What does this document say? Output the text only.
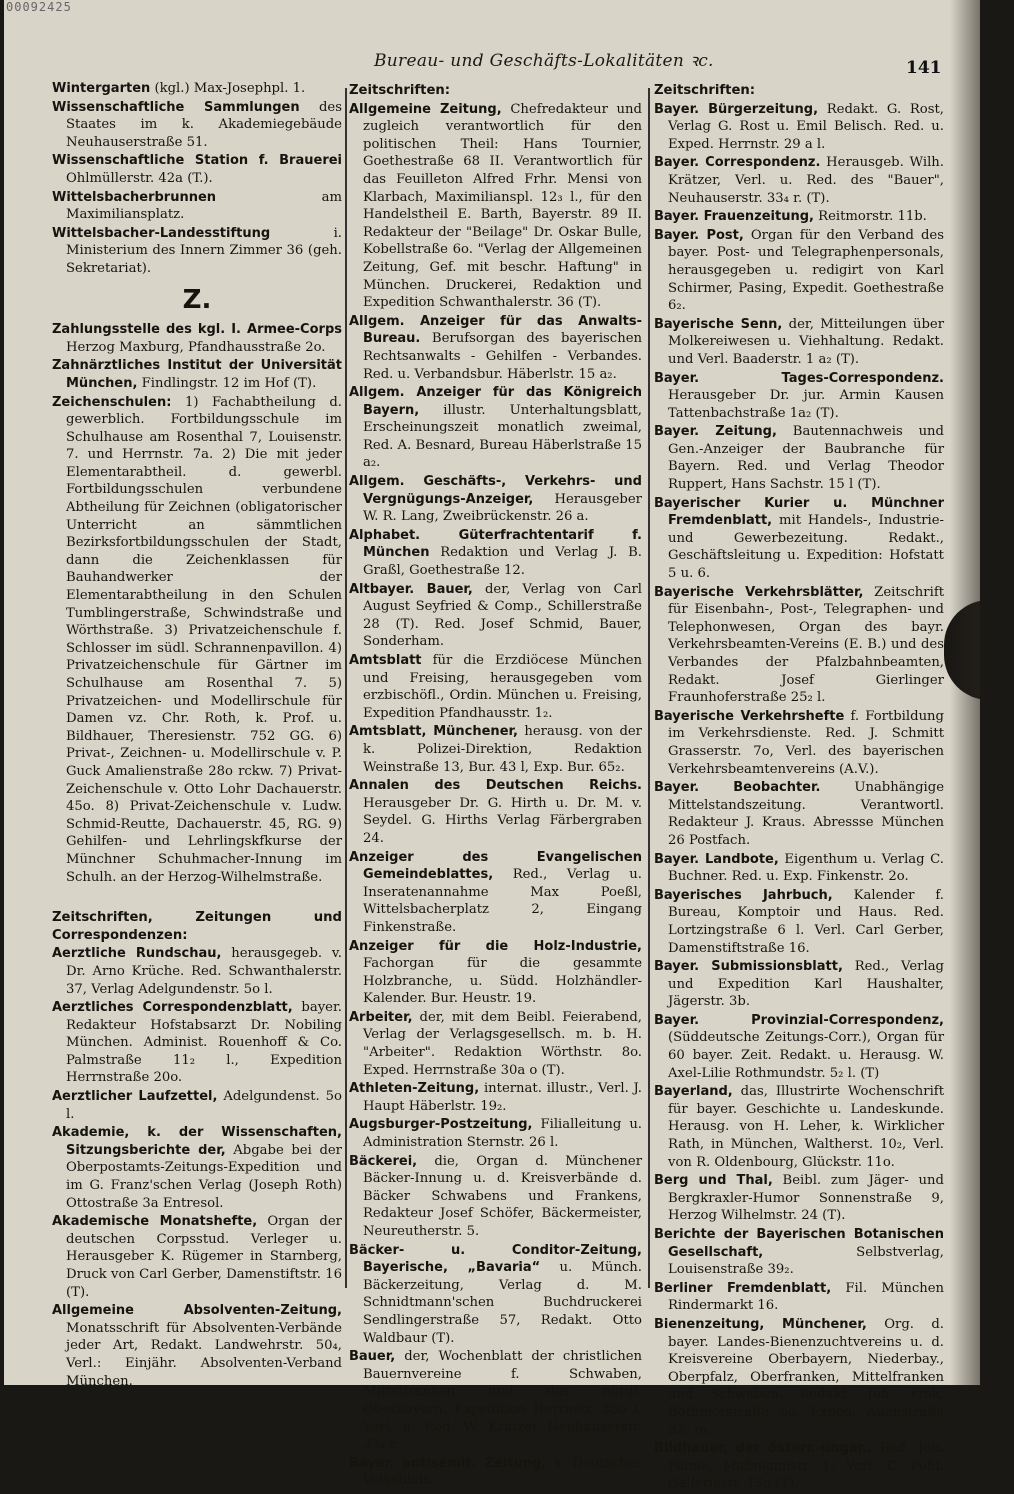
00092425
Bureau- und Geschäfts-Lokalitäten ꝛc.	141
Wintergarten (kgl.) Max-Josephpl. 1.
Wissenschaftliche Sammlungen des Staates im k. Akademiegebäude Neuhauserstraße 51.
Wissenschaftliche Station f. Brauerei Ohlmüllerstr. 42a (T.).
Wittelsbacherbrunnen am Maximiliansplatz.
Wittelsbacher-Landesstiftung i. Ministerium des Innern Zimmer 36 (geh. Sekretariat).
Z.
Zahlungsstelle des kgl. I. Armee-Corps Herzog Maxburg, Pfandhausstraße 2o.
Zahnärztliches Institut der Universität München, Findlingstr. 12 im Hof (T).
Zeichenschulen: 1) Fachabtheilung d. gewerblich. Fortbildungsschule im Schulhause am Rosenthal 7, Louisenstr. 7. und Herrnstr. 7a. 2) Die mit jeder Elementarabtheil. d. gewerbl. Fortbildungsschulen verbundene Abtheilung für Zeichnen (obligatorischer Unterricht an sämmtlichen Bezirksfortbildungsschulen der Stadt, dann die Zeichenklassen für Bauhandwerker der Elementarabtheilung in den Schulen Tumblingerstraße, Schwindstraße und Wörthstraße. 3) Privatzeichenschule f. Schlosser im südl. Schrannenpavillon. 4) Privatzeichenschule für Gärtner im Schulhause am Rosenthal 7. 5) Privatzeichen- und Modellirschule für Damen vz. Chr. Roth, k. Prof. u. Bildhauer, Theresienstr. 752 GG. 6) Privat-, Zeichnen- u. Modellirschule v. P. Guck Amalienstraße 28o rckw. 7) Privat-Zeichenschule v. Otto Lohr Dachauerstr. 45o. 8) Privat-Zeichenschule v. Ludw. Schmid-Reutte, Dachauerstr. 45, RG. 9) Gehilfen- und Lehrlingskfkurse der Münchner Schuhmacher-Innung im Schulh. an der Herzog-Wilhelmstraße.
Zeitschriften, Zeitungen und Correspondenzen:
Aerztliche Rundschau, herausgegeb. v. Dr. Arno Krüche. Red. Schwanthalerstr. 37, Verlag Adelgundenstr. 5o l.
Aerztliches Correspondenzblatt, bayer. Redakteur Hofstabsarzt Dr. Nobiling München. Administ. Rouenhoff & Co. Palmstraße 11₂ l., Expedition Herrnstraße 20o.
Aerztlicher Laufzettel, Adelgundenst. 5o l.
Akademie, k. der Wissenschaften, Sitzungsberichte der, Abgabe bei der Oberpostamts-Zeitungs-Expedition und im G. Franz'schen Verlag (Joseph Roth) Ottostraße 3a Entresol.
Akademische Monatshefte, Organ der deutschen Corpsstud. Verleger u. Herausgeber K. Rügemer in Starnberg, Druck von Carl Gerber, Damenstiftstr. 16 (T).
Allgemeine Absolventen-Zeitung, Monatsschrift für Absolventen-Verbände jeder Art, Redakt. Landwehrstr. 50₄, Verl.: Einjähr. Absolventen-Verband München.
Zeitschriften:
Allgemeine Zeitung, Chefredakteur und zugleich verantwortlich für den politischen Theil: Hans Tournier, Goethestraße 68 II. Verantwortlich für das Feuilleton Alfred Frhr. Mensi von Klarbach, Maximilianspl. 12₃ l., für den Handelstheil E. Barth, Bayerstr. 89 II. Redakteur der "Beilage" Dr. Oskar Bulle, Kobellstraße 6o. "Verlag der Allgemeinen Zeitung, Gef. mit beschr. Haftung" in München. Druckerei, Redaktion und Expedition Schwanthalerstr. 36 (T).
Allgem. Anzeiger für das Anwalts-Bureau. Berufsorgan des bayerischen Rechtsanwalts - Gehilfen - Verbandes. Red. u. Verbandsbur. Häberlstr. 15 a₂.
Allgem. Anzeiger für das Königreich Bayern, illustr. Unterhaltungsblatt, Erscheinungszeit monatlich zweimal, Red. A. Besnard, Bureau Häberlstraße 15 a₂.
Allgem. Geschäfts-, Verkehrs- und Vergnügungs-Anzeiger, Herausgeber W. R. Lang, Zweibrückenstr. 26 a.
Alphabet. Güterfrachtentarif f. München Redaktion und Verlag J. B. Graßl, Goethestraße 12.
Altbayer. Bauer, der, Verlag von Carl August Seyfried & Comp., Schillerstraße 28 (T). Red. Josef Schmid, Bauer, Sonderham.
Amtsblatt für die Erzdiöcese München und Freising, herausgegeben vom erzbischöfl., Ordin. München u. Freising, Expedition Pfandhausstr. 1₂.
Amtsblatt, Münchener, herausg. von der k. Polizei-Direktion, Redaktion Weinstraße 13, Bur. 43 l, Exp. Bur. 65₂.
Annalen des Deutschen Reichs. Herausgeber Dr. G. Hirth u. Dr. M. v. Seydel. G. Hirths Verlag Färbergraben 24.
Anzeiger des Evangelischen Gemeindeblattes, Red., Verlag u. Inseratenannahme Max Poeßl, Wittelsbacherplatz 2, Eingang Finkenstraße.
Anzeiger für die Holz-Industrie, Fachorgan für die gesammte Holzbranche, u. Südd. Holzhändler-Kalender. Bur. Heustr. 19.
Arbeiter, der, mit dem Beibl. Feierabend, Verlag der Verlagsgesellsch. m. b. H. "Arbeiter". Redaktion Wörthstr. 8o. Exped. Herrnstraße 30a o (T).
Athleten-Zeitung, internat. illustr., Verl. J. Haupt Häberlstr. 19₂.
Augsburger-Postzeitung, Filialleitung u. Administration Sternstr. 26 l.
Bäckerei, die, Organ d. Münchener Bäcker-Innung u. d. Kreisverbände d. Bäcker Schwabens und Frankens, Redakteur Josef Schöfer, Bäckermeister, Neureutherstr. 5.
Bäcker- u. Conditor-Zeitung, Bayerische, „Bavaria“ u. Münch. Bäckerzeitung, Verlag d. M. Schnidtmann'schen Buchdruckerei Sendlingerstraße 57, Redakt. Otto Waldbaur (T).
Bauer, der, Wochenblatt der christlichen Bauernvereine f. Schwaben, Mittelfranken und das nördl. Oberbayern. Expedition Herrnstr. 33o l. Verl. u. Red. W. Krätzer Neuhauserstr. 33₄ r.
Bayer. antisemit. Zeitung, s. Deutsches Volksblatt.
Zeitschriften:
Bayer. Bürgerzeitung, Redakt. G. Rost, Verlag G. Rost u. Emil Belisch. Red. u. Exped. Herrnstr. 29 a l.
Bayer. Correspondenz. Herausgeb. Wilh. Krätzer, Verl. u. Red. des "Bauer", Neuhauserstr. 33₄ r. (T).
Bayer. Frauenzeitung, Reitmorstr. 11b.
Bayer. Post, Organ für den Verband des bayer. Post- und Telegraphenpersonals, herausgegeben u. redigirt von Karl Schirmer, Pasing, Expedit. Goethestraße 6₂.
Bayerische Senn, der, Mitteilungen über Molkereiwesen u. Viehhaltung. Redakt. und Verl. Baaderstr. 1 a₂ (T).
Bayer. Tages-Correspondenz. Herausgeber Dr. jur. Armin Kausen Tattenbachstraße 1a₂ (T).
Bayer. Zeitung, Bautennachweis und Gen.-Anzeiger der Baubranche für Bayern. Red. und Verlag Theodor Ruppert, Hans Sachstr. 15 l (T).
Bayerischer Kurier u. Münchner Fremdenblatt, mit Handels-, Industrie- und Gewerbezeitung. Redakt., Geschäftsleitung u. Expedition: Hofstatt 5 u. 6.
Bayerische Verkehrsblätter, Zeitschrift für Eisenbahn-, Post-, Telegraphen- und Telephonwesen, Organ des bayr. Verkehrsbeamten-Vereins (E. B.) und des Verbandes der Pfalzbahnbeamten, Redakt. Josef Gierlinger Fraunhoferstraße 25₂ l.
Bayerische Verkehrshefte f. Fortbildung im Verkehrsdienste. Red. J. Schmitt Grasserstr. 7o, Verl. des bayerischen Verkehrsbeamtenvereins (A.V.).
Bayer. Beobachter. Unabhängige Mittelstandszeitung. Verantwortl. Redakteur J. Kraus. Abressse München 26 Postfach.
Bayer. Landbote, Eigenthum u. Verlag C. Buchner. Red. u. Exp. Finkenstr. 2o.
Bayerisches Jahrbuch, Kalender f. Bureau, Komptoir und Haus. Red. Lortzingstraße 6 l. Verl. Carl Gerber, Damenstiftstraße 16.
Bayer. Submissionsblatt, Red., Verlag und Expedition Karl Haushalter, Jägerstr. 3b.
Bayer. Provinzial-Correspondenz, (Süddeutsche Zeitungs-Corr.), Organ für 60 bayer. Zeit. Redakt. u. Herausg. W. Axel-Lilie Rothmundstr. 5₂ l. (T)
Bayerland, das, Illustrirte Wochenschrift für bayer. Geschichte u. Landeskunde. Herausg. von H. Leher, k. Wirklicher Rath, in München, Waltherst. 10₂, Verl. von R. Oldenbourg, Glückstr. 11o.
Berg und Thal, Beibl. zum Jäger- und Bergkraxler-Humor Sonnenstraße 9, Herzog Wilhelmstr. 24 (T).
Berichte der Bayerischen Botanischen Gesellschaft, Selbstverlag, Louisenstraße 39₂.
Berliner Fremdenblatt, Fil. München Rindermarkt 16.
Bienenzeitung, Münchener, Org. d. bayer. Landes-Bienenzuchtvereins u. d. Kreisvereine Oberbayern, Niederbay., Oberpfalz, Oberfranken, Mittelfranken und Schwaben. Redakt. Joh. Fink, Bothmerstraße 5o. Exped. Auenstraße 32₂ m.
Bildhauer, der österr.-ungar., Red. Joh. Palme, Maßmannstr. 1₂ Verl. C. Pohl. Galleriestr. 13o (T).
